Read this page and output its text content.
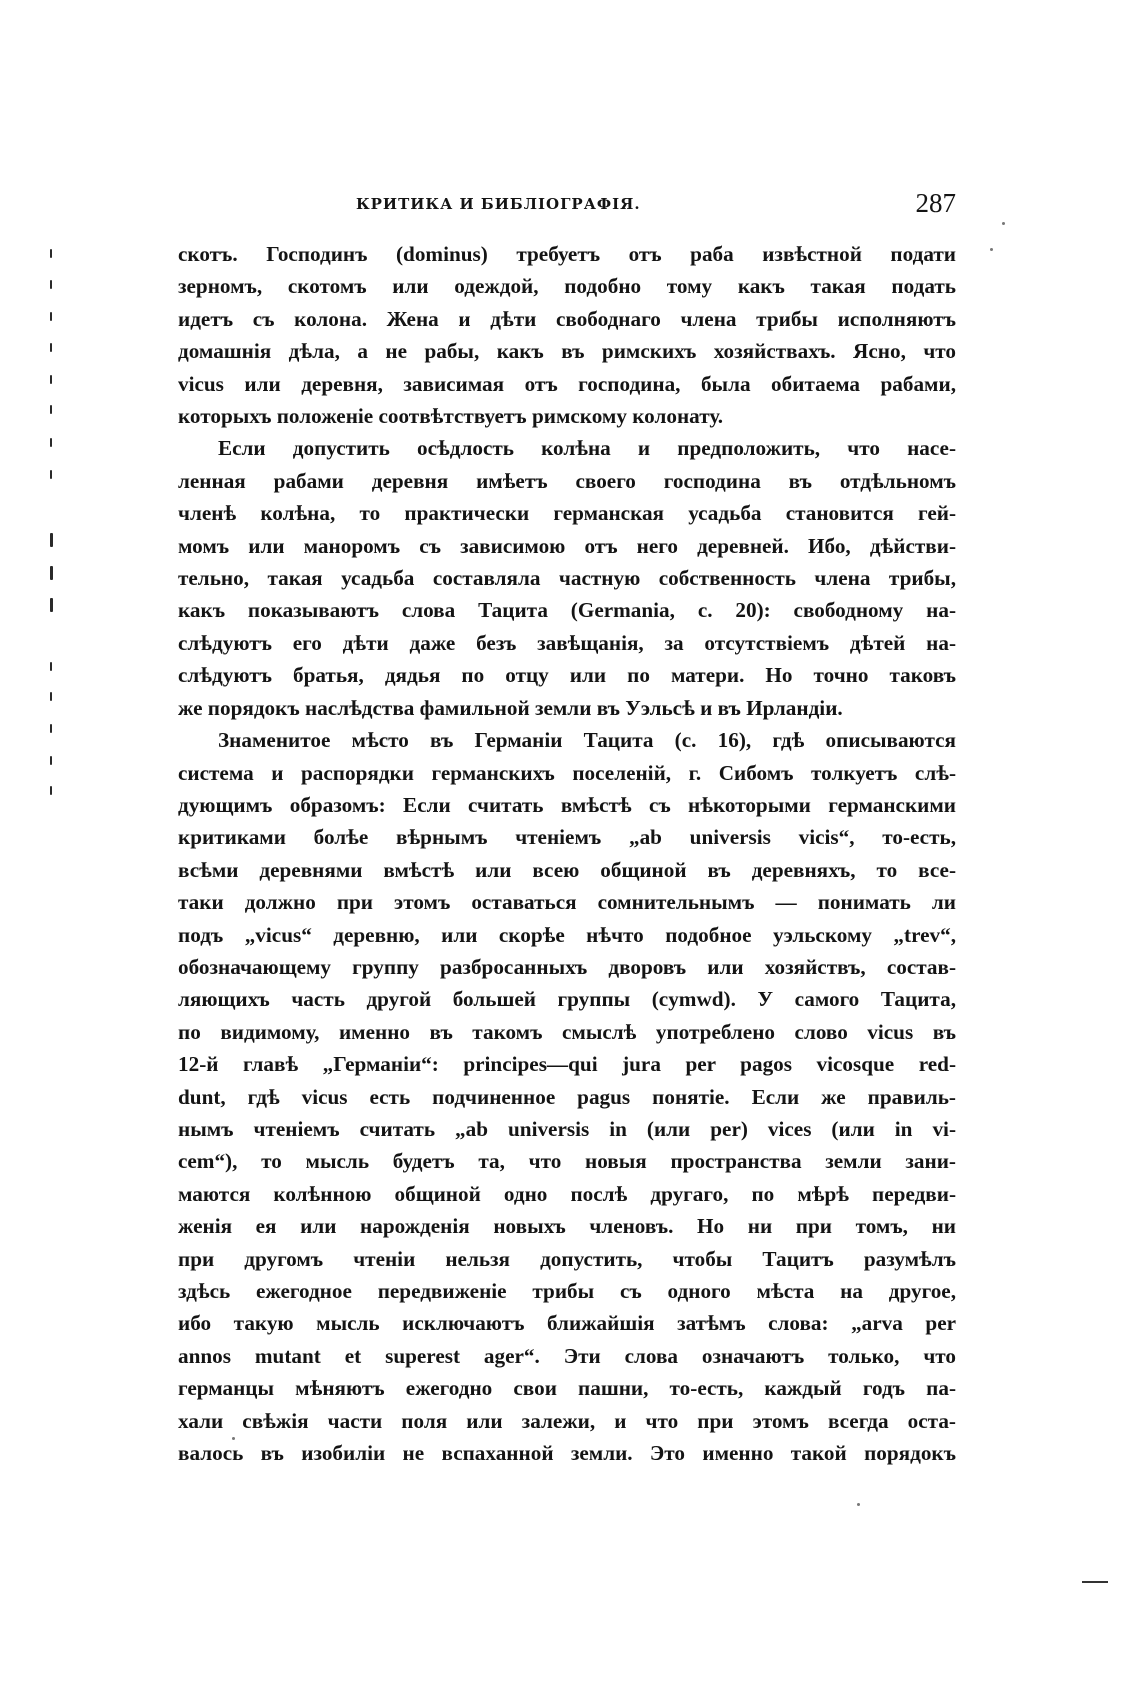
КРИТИКА И БИБЛІОГРАФІЯ.	287

скотъ. Господинъ (dominus) требуетъ отъ раба извѣстной подати

зерномъ, скотомъ или одеждой, подобно тому какъ такая подать

идетъ съ колона. Жена и дѣти свободнаго члена трибы исполняютъ

домашнія дѣла, а не рабы, какъ въ римскихъ хозяйствахъ. Ясно, что

vicus или деревня, зависимая отъ господина, была обитаема рабами,

которыхъ положеніе соотвѣтствуетъ римскому колонату.

Если допустить осѣдлость колѣна и предположить, что насе-

ленная рабами деревня имѣетъ своего господина въ отдѣльномъ

членѣ колѣна, то практически германская усадьба становится гей-

момъ или маноромъ съ зависимою отъ него деревней. Ибо, дѣйстви-

тельно, такая усадьба составляла частную собственность члена трибы,

какъ показываютъ слова Тацита (Germania, c. 20): свободному на-

слѣдуютъ его дѣти даже безъ завѣщанія, за отсутствіемъ дѣтей на-

слѣдуютъ братья, дядья по отцу или по матери. Но точно таковъ

же порядокъ наслѣдства фамильной земли въ Уэльсѣ и въ Ирландіи.

Знаменитое мѣсто въ Германіи Тацита (c. 16), гдѣ описываются

система и распорядки германскихъ поселеній, г. Сибомъ толкуетъ слѣ-

дующимъ образомъ: Если считать вмѣстѣ съ нѣкоторыми германскими

критиками болѣе вѣрнымъ чтеніемъ „ab universis vicis“, то-есть,

всѣми деревнями вмѣстѣ или всею общиной въ деревняхъ, то все-

таки должно при этомъ оставаться сомнительнымъ — понимать ли

подъ „vicus“ деревню, или скорѣе нѣчто подобное уэльскому „trev“,

обозначающему группу разбросанныхъ дворовъ или хозяйствъ, состав-

ляющихъ часть другой большей группы (cymwd). У самого Тацита,

по видимому, именно въ такомъ смыслѣ употреблено слово vicus въ

12-й главѣ „Германіи“: principes—qui jura per pagos vicosque red-

dunt, гдѣ vicus есть подчиненное pagus понятіе. Если же правиль-

нымъ чтеніемъ считать „ab universis in (или per) vices (или in vi-

cem“), то мысль будетъ та, что новыя пространства земли зани-

маются колѣнною общиной одно послѣ другаго, по мѣрѣ передви-

женія ея или нарожденія новыхъ членовъ. Но ни при томъ, ни

при другомъ чтеніи нельзя допустить, чтобы Тацитъ разумѣлъ

здѣсь ежегодное передвиженіе трибы съ одного мѣста на другое,

ибо такую мысль исключаютъ ближайшія затѣмъ слова: „arva per

annos mutant et superest ager“. Эти слова означаютъ только, что

германцы мѣняютъ ежегодно свои пашни, то-есть, каждый годъ па-

хали свѣжія части поля или залежи, и что при этомъ всегда оста-

валось въ изобиліи не вспаханной земли. Это именно такой порядокъ
